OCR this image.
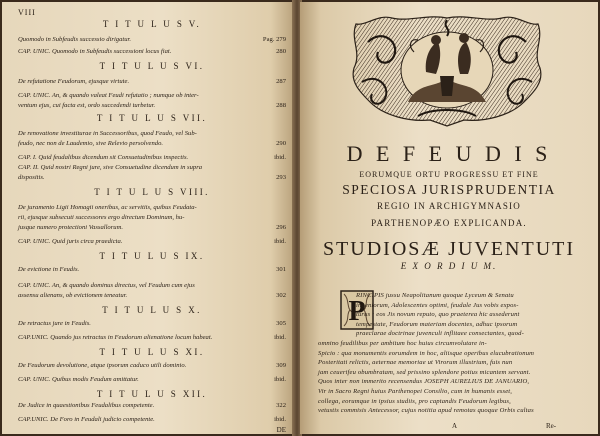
VIII
T I T U L U S V.
Quomodo in Subfeudis successio dirigatur.	Pag. 279
CAP. UNIC. Quomodo in Subfeudis successioni locus fiat.	280
T I T U L U S VI.
De refutatione Feudorum, ejusque virtute.	287
CAP. UNIC. An, & quando valeat Feudi refutatio ; numque ob inter-
ventum ejus, cui facta est, ordo succedendi turbetur.	288
T I T U L U S VII.
De renovatione investiturae in Successoribus, quod Feudo, vel Sub-
feudo, nec non de Laudemio, sive Relevio persolvendo.	290
CAP. I. Quid feudalibus dicendum sit Consuetudinibus inspectis.	ibid.
CAP. II. Quid nostri Regni jure, sive Consuetudine dicendum in supra
dispositis.	293
T I T U L U S VIII.
De juramento Ligii Homagii oneribus, ac servitiis, quibus Feudata-
rii, ejusque subsecuti successores ergo directum Dominum, hu-
jusque numero protectioni Vassallorum.	296
CAP. UNIC. Quid juris circa praedicta.	ibid.
T I T U L U S IX.
De evictione in Feudis.	301
CAP. UNIC. An, & quando dominus directus, vel Feudum cum ejus
assensu alienans, ob evictionem teneatur.	302
T I T U L U S X.
De retractus jure in Feudis.	305
CAP.UNIC. Quando jus retractus in Feudorum alienatione locum habeat.	ibid.
T I T U L U S XI.
De Feudorum devolutione, atque ipsorum caduco utili dominio.	309
CAP. UNIC. Quibus modis Feudum amittatur.	ibid.
T I T U L U S XII.
De Judice in quaestionibus Feudalibus competente.	322
CAP.UNIC. De Foro in Feudali judicio competente.	ibid.
DE
D E F E U D I S
EORUMQUE ORTU PROGRESSU ET FINE
SPECIOSA JURISPRUDENTIA
REGIO IN ARCHIGYMNASIO
PARTHENOPÆO EXPLICANDA.
STUDIOSÆ JUVENTUTI
E X O R D I U M.
P
RINCIPIS jussu Neapolitanum quoque Lyceum & Senatu
ingeniorum, Adolescentes optimi, feudale Jus vobis expos-
turus : eos Jis novum reputo, quo praeterea hic assederunt
tempestate, Feudorum materiam docentes, adhuc ipsorum
praeclarae doctrinae juvenculi inflitaee consectantes, quod-
omnino feudilibus per ambitum hoc huius circumvolutare in-
Spicio : qua monumentis eorumdem in hoc, aliisque operibus elucubrationum
Posteritati relictis, aeternae memoriae ut Virorum illustrium, fuis nun
jam ceuerifeu obumbratam, sed prissino splendore potius micantem servant.
Quos inter non immerito recensendus JOSEPH AURELIUS DE JANUARIO,
Vir in Sacro Regni huius Parthenopei Consilio, cum in humanis esset,
collega, eorumque in ipsius studiis, pro captandis Feudorum legibus,
vetustis commisis Antecessor, cujus notitia apud remotas quoque Orbis cultas
A	Re-
